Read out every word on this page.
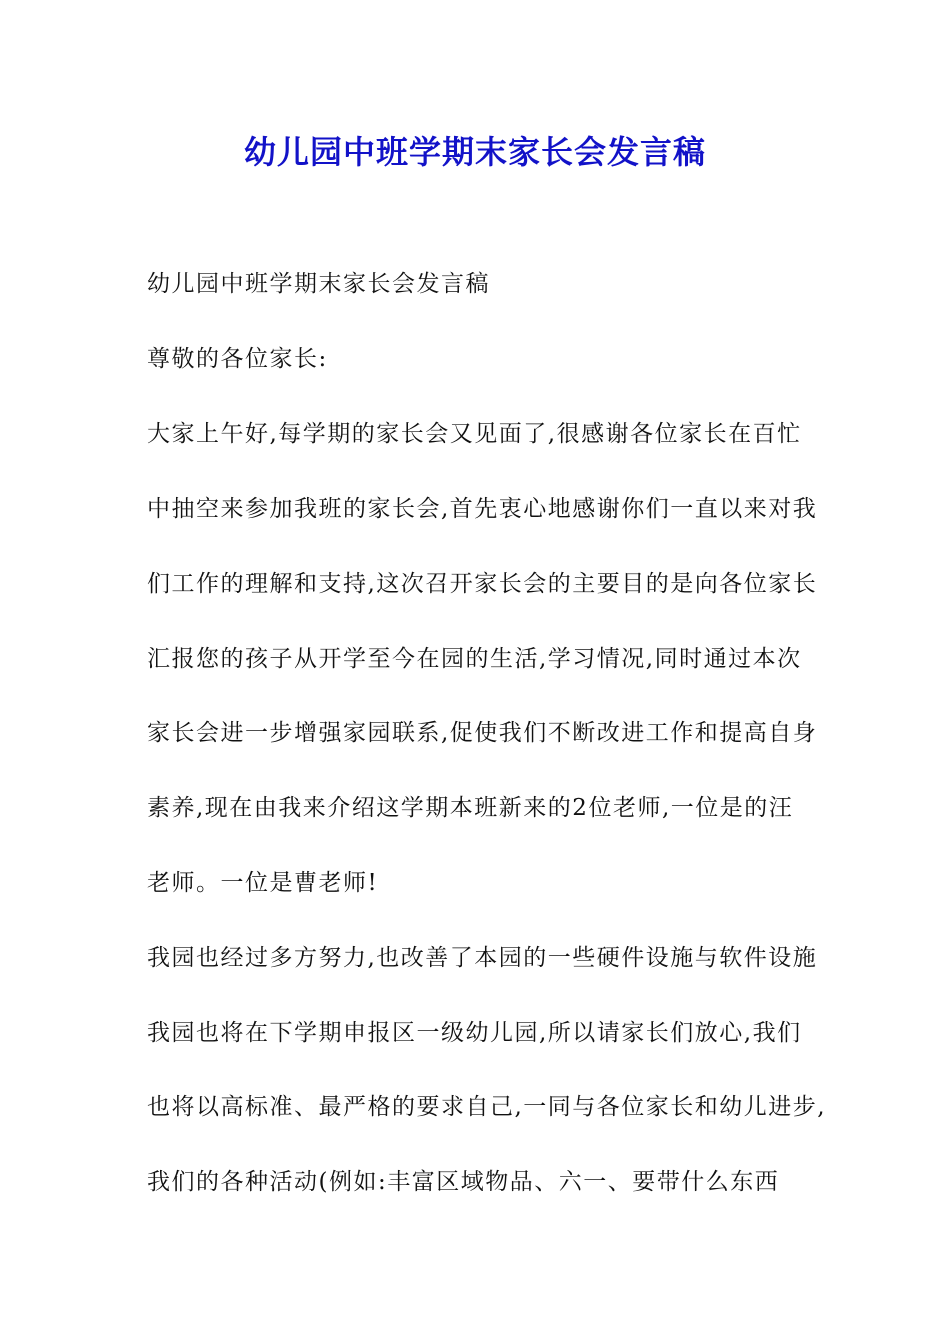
幼儿园中班学期末家长会发言稿

幼儿园中班学期末家长会发言稿

尊敬的各位家长:

大家上午好,每学期的家长会又见面了,很感谢各位家长在百忙

中抽空来参加我班的家长会,首先衷心地感谢你们一直以来对我

们工作的理解和支持,这次召开家长会的主要目的是向各位家长

汇报您的孩子从开学至今在园的生活,学习情况,同时通过本次

家长会进一步增强家园联系,促使我们不断改进工作和提高自身

素养,现在由我来介绍这学期本班新来的2位老师,一位是的汪

老师。一位是曹老师!

我园也经过多方努力,也改善了本园的一些硬件设施与软件设施

我园也将在下学期申报区一级幼儿园,所以请家长们放心,我们

也将以高标准、最严格的要求自己,一同与各位家长和幼儿进步,

我们的各种活动(例如:丰富区域物品、六一、要带什么东西
